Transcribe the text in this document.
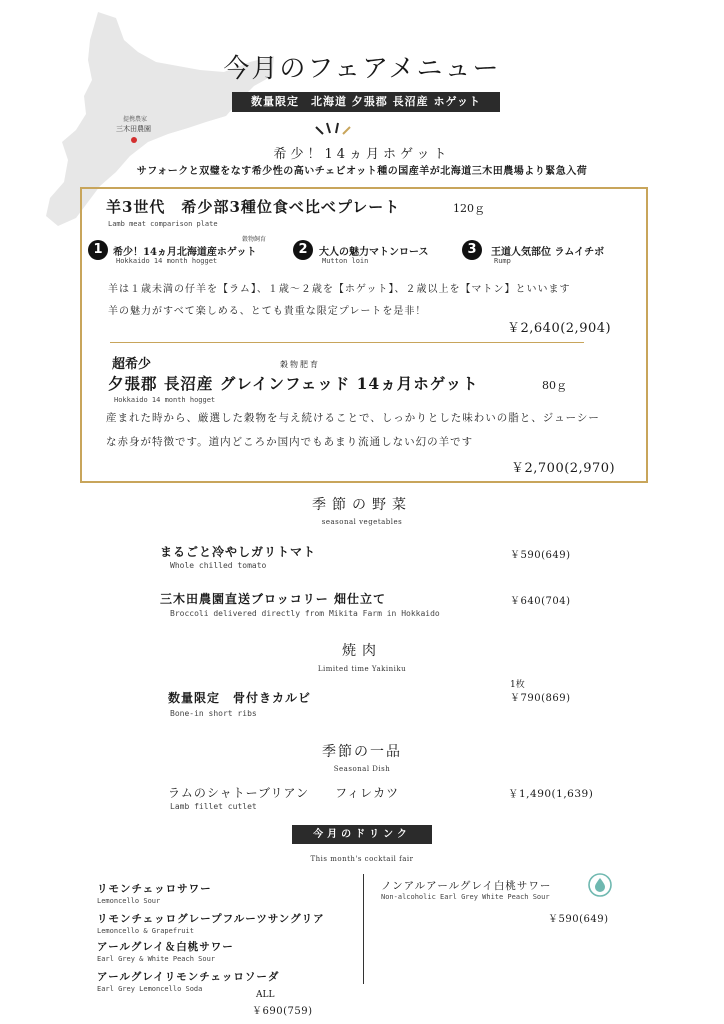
提携農家
三木田農園
今月のフェアメニュー
数量限定　北海道 夕張郡 長沼産 ホゲット
希少！14ヵ月ホゲット
サフォークと双璧をなす希少性の高いチェビオット種の国産羊が北海道三木田農場より緊急入荷
羊3世代　希少部3種位食べ比べプレート	120ｇ
Lamb meat comparison plate
1
穀物飼育
希少！14ヵ月北海道産ホゲット
Hokkaido 14 month hogget
2	大人の魅力マトンロース
Mutton loin
3	王道人気部位 ラムイチボ
Rump
羊は１歳未満の仔羊を【ラム】、１歳～２歳を【ホゲット】、２歳以上を【マトン】といいます
羊の魅力がすべて楽しめる、とても貴重な限定プレートを是非！
￥2,640(2,904)
超希少	穀物肥育
夕張郡 長沼産 グレインフェッド 14ヵ月ホゲット	80ｇ
Hokkaido 14 month hogget
産まれた時から、厳選した穀物を与え続けることで、しっかりとした味わいの脂と、ジューシー
な赤身が特徴です。道内どころか国内でもあまり流通しない幻の羊です
￥2,700(2,970)
季節の野菜
seasonal vegetables
まるごと冷やしガリトマト
Whole chilled tomato
￥590(649)
三木田農園直送ブロッコリー 畑仕立て
Broccoli delivered directly from Mikita Farm in Hokkaido
￥640(704)
焼肉
Limited time Yakiniku
1枚
数量限定　骨付きカルビ	￥790(869)
Bone-in short ribs
季節の一品
Seasonal Dish
ラムのシャトーブリアン　　フィレカツ
Lamb fillet cutlet
￥1,490(1,639)
今月のドリンク
This month's cocktail fair
リモンチェッロサワー
Lemoncello Sour
リモンチェッログレープフルーツサングリア
Lemoncello & Grapefruit
アールグレイ＆白桃サワー
Earl Grey & White Peach Sour
アールグレイリモンチェッロソーダ
Earl Grey Lemoncello Soda
ALL
￥690(759)
ノンアルアールグレイ白桃サワー
Non-alcoholic Earl Grey White Peach Sour
￥590(649)
